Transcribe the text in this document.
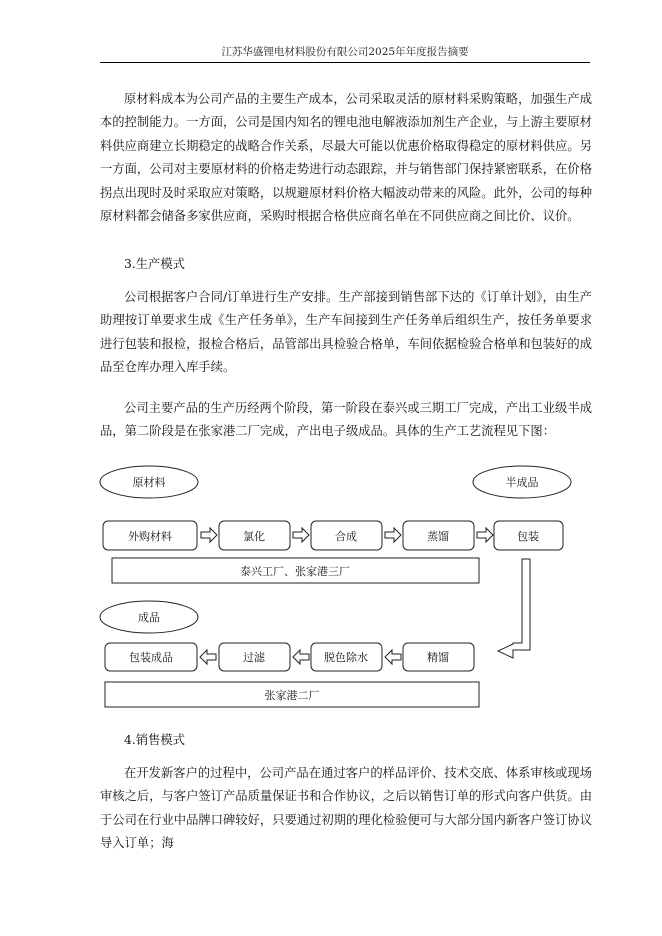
江苏华盛锂电材料股份有限公司2025年年度报告摘要

原材料成本为公司产品的主要生产成本，公司采取灵活的原材料采购策略，加强生产成本的控制能力。一方面，公司是国内知名的锂电池电解液添加剂生产企业，与上游主要原材料供应商建立长期稳定的战略合作关系，尽最大可能以优惠价格取得稳定的原材料供应。另一方面，公司对主要原材料的价格走势进行动态跟踪，并与销售部门保持紧密联系，在价格拐点出现时及时采取应对策略，以规避原材料价格大幅波动带来的风险。此外，公司的每种原材料都会储备多家供应商，采购时根据合格供应商名单在不同供应商之间比价、议价。

3.生产模式

公司根据客户合同/订单进行生产安排。生产部接到销售部下达的《订单计划》，由生产助理按订单要求生成《生产任务单》，生产车间接到生产任务单后组织生产，按任务单要求进行包装和报检，报检合格后，品管部出具检验合格单，车间依据检验合格单和包装好的成品至仓库办理入库手续。

公司主要产品的生产历经两个阶段，第一阶段在泰兴或三期工厂完成，产出工业级半成品，第二阶段是在张家港二厂完成，产出电子级成品。具体的生产工艺流程见下图：

原材料	半成品
成品
外购材料	氯化	合成	蒸馏	包装
泰兴工厂、张家港三厂
包装成品	过滤	脱色除水	精馏
张家港二厂

4.销售模式

在开发新客户的过程中，公司产品在通过客户的样品评价、技术交底、体系审核或现场审核之后，与客户签订产品质量保证书和合作协议，之后以销售订单的形式向客户供货。由于公司在行业中品牌口碑较好，只要通过初期的理化检验便可与大部分国内新客户签订协议导入订单；海
